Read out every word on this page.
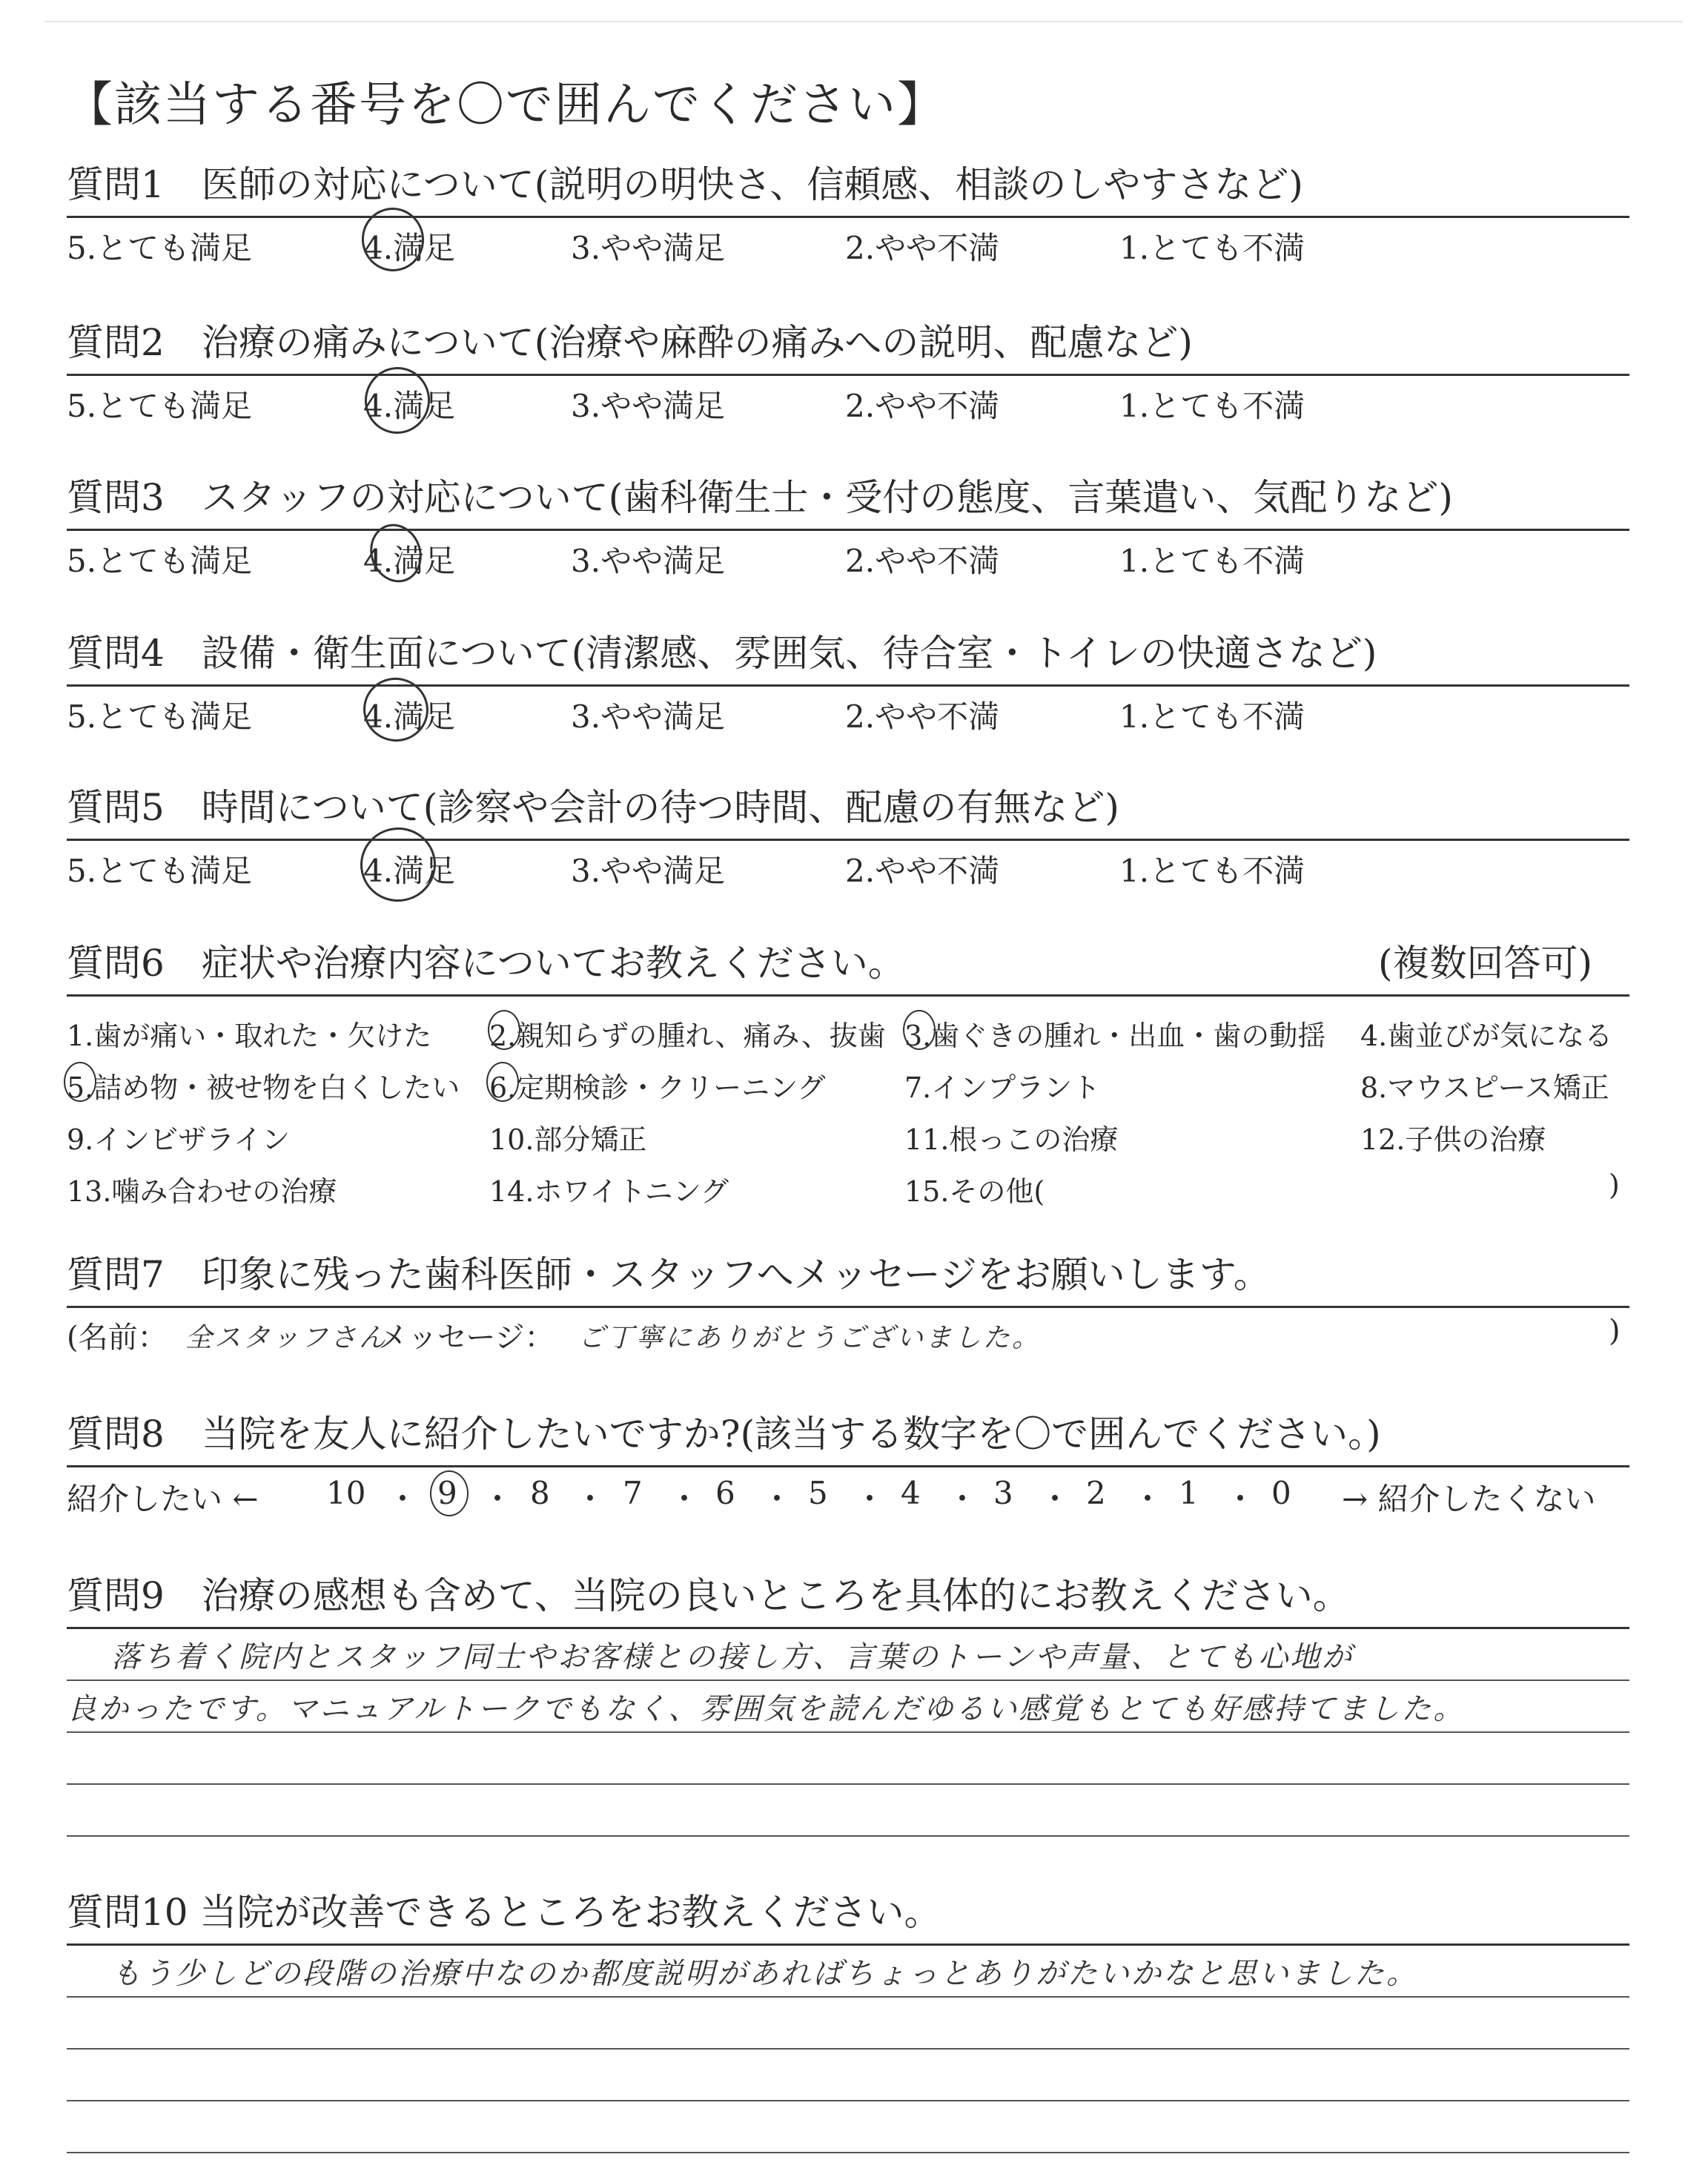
【該当する番号を〇で囲んでください】
質問1　医師の対応について(説明の明快さ、信頼感、相談のしやすさなど)
5.とても満足	4.満足	3.やや満足	2.やや不満	1.とても不満
質問2　治療の痛みについて(治療や麻酔の痛みへの説明、配慮など)
5.とても満足	4.満足	3.やや満足	2.やや不満	1.とても不満
質問3　スタッフの対応について(歯科衛生士・受付の態度、言葉遣い、気配りなど)
5.とても満足	4.満足	3.やや満足	2.やや不満	1.とても不満
質問4　設備・衛生面について(清潔感、雰囲気、待合室・トイレの快適さなど)
5.とても満足	4.満足	3.やや満足	2.やや不満	1.とても不満
質問5　時間について(診察や会計の待つ時間、配慮の有無など)
5.とても満足	4.満足	3.やや満足	2.やや不満	1.とても不満
質問6　症状や治療内容についてお教えください。	(複数回答可)
1.歯が痛い・取れた・欠けた 2.親知らずの腫れ、痛み、抜歯 3.歯ぐきの腫れ・出血・歯の動揺 4.歯並びが気になる
5.詰め物・被せ物を白くしたい 6.定期検診・クリーニング	7.インプラント	8.マウスピース矯正
9.インビザライン	10.部分矯正	11.根っこの治療	12.子供の治療
13.噛み合わせの治療	14.ホワイトニング	15.その他(	)
質問7　印象に残った歯科医師・スタッフへメッセージをお願いします。
(名前： 全スタッフさん
メッセージ： ご丁寧にありがとうございました。	)
質問8　当院を友人に紹介したいですか?(該当する数字を〇で囲んでください。)
紹介したい ← 10 ・ 9 ・ 8 ・ 7 ・ 6 ・ 5 ・ 4 ・ 3 ・ 2 ・ 1 ・ 0 → 紹介したくない
質問9　治療の感想も含めて、当院の良いところを具体的にお教えください。
落ち着く院内とスタッフ同士やお客様との接し方、言葉のトーンや声量、とても心地が
良かったです。マニュアルトークでもなく、雰囲気を読んだゆるい感覚もとても好感持てました。
質問10 当院が改善できるところをお教えください。
もう少しどの段階の治療中なのか都度説明があればちょっとありがたいかなと思いました。
